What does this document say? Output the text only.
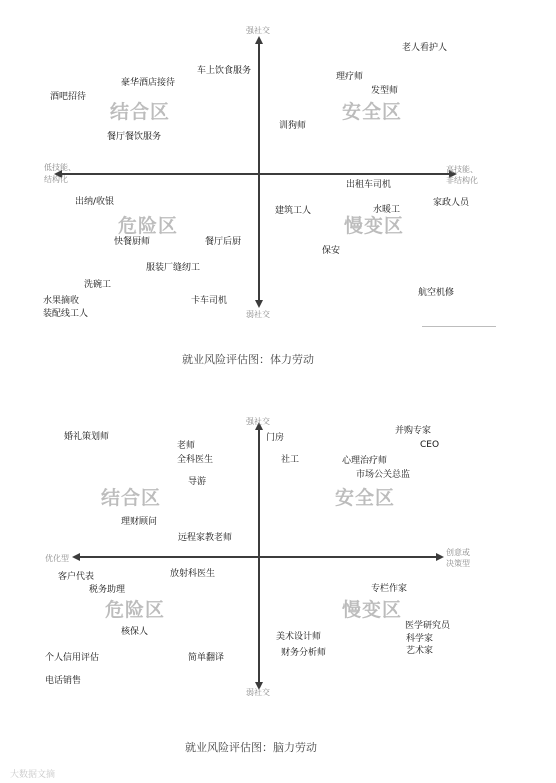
强社交
弱社交
低技能、
结构化
高技能、
非结构化
结合区	安全区
危险区	慢变区
老人看护人
理疗师
发型师
车上饮食服务
豪华酒店接待
酒吧招待
餐厅餐饮服务
训狗师
出租车司机
家政人员
出纳/收银
建筑工人	水暖工
快餐厨师	餐厅后厨
保安
服装厂缝纫工
洗碗工
航空机修
水果摘收	卡车司机
装配线工人
就业风险评估图：体力劳动
强社交
弱社交
优化型
创意或
决策型
结合区	安全区
危险区	慢变区
婚礼策划师
并购专家
门房
CEO
老师
全科医生	社工	心理治疗师
市场公关总监
导游
理财顾问
远程家教老师
客户代表	放射科医生
专栏作家
税务助理
医学研究员
核保人	美术设计师	科学家
个人信用评估	简单翻译	财务分析师	艺术家
电话销售
就业风险评估图：脑力劳动
大数据文摘
